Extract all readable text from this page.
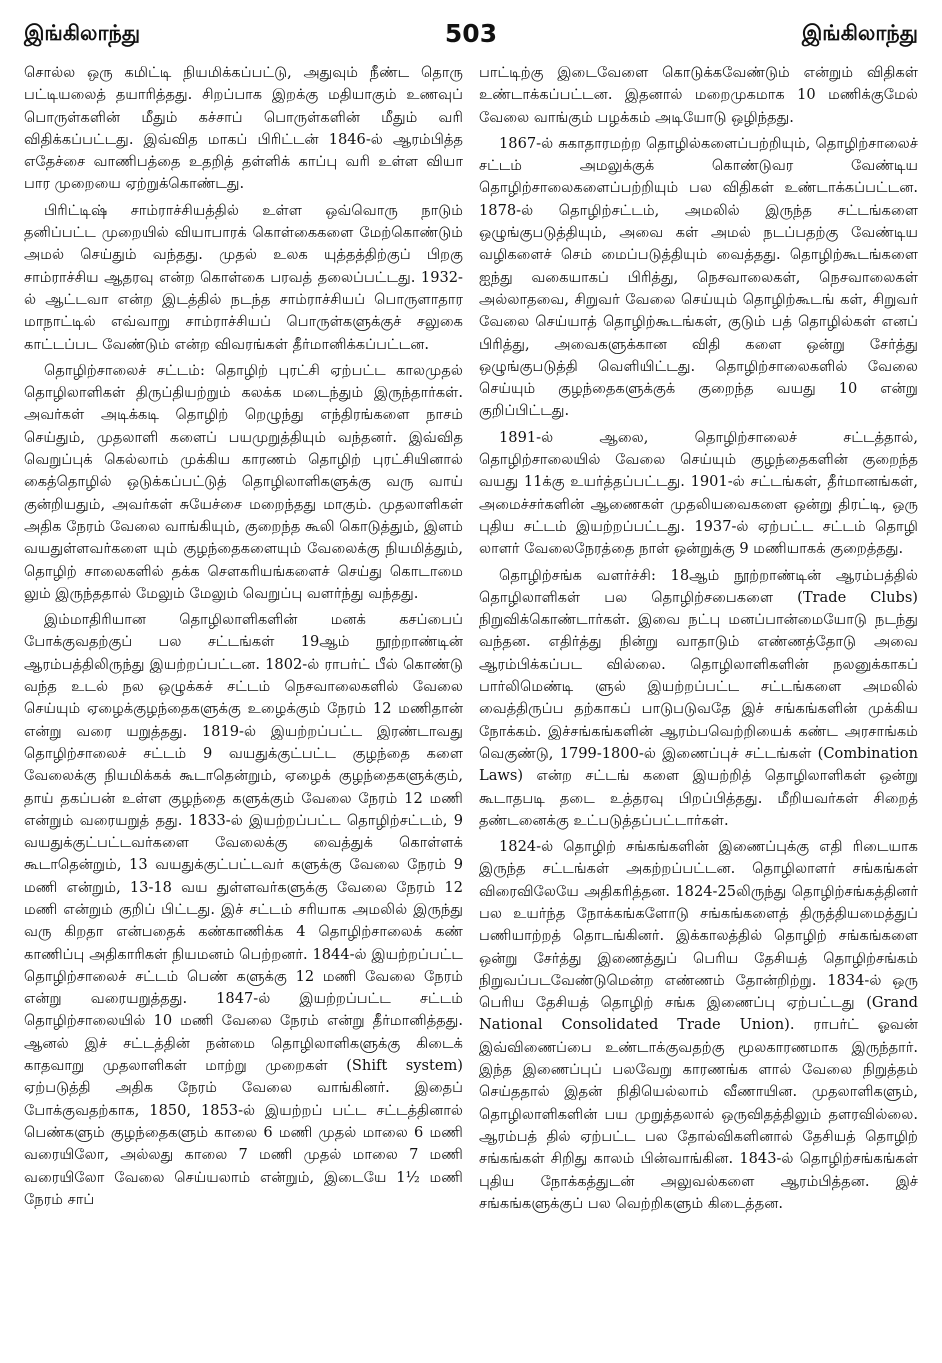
இங்கிலாந்து	503	இங்கிலாந்து

சொல்ல ஒரு கமிட்டி நியமிக்கப்பட்டு, அதுவும் நீண்ட தொரு பட்டியலைத் தயாரித்தது. சிறப்பாக இறக்கு மதியாகும் உணவுப் பொருள்களின் மீதும் கச்சாப் பொருள்களின் மீதும் வரி விதிக்கப்பட்டது. இவ்வித மாகப் பிரிட்டன் 1846-ல் ஆரம்பித்த எதேச்சை வாணிபத்தை உதறித் தள்ளிக் காப்பு வரி உள்ள வியா பார முறையை ஏற்றுக்கொண்டது.

பிரிட்டிஷ் சாம்ராச்சியத்தில் உள்ள ஒவ்வொரு நாடும் தனிப்பட்ட முறையில் வியாபாரக் கொள்கைகளை மேற்கொண்டும் அமல் செய்தும் வந்தது. முதல் உலக யுத்தத்திற்குப் பிறகு சாம்ராச்சிய ஆதரவு என்ற கொள்கை பரவத் தலைப்பட்டது. 1932-ல் ஆட்டவா என்ற இடத்தில் நடந்த சாம்ராச்சியப் பொருளாதார மாநாட்டில் எவ்வாறு சாம்ராச்சியப் பொருள்களுக்குச் சலுகை காட்டப்பட வேண்டும் என்ற விவரங்கள் தீர்மானிக்கப்பட்டன.

தொழிற்சாலைச் சட்டம்: தொழிற் புரட்சி ஏற்பட்ட காலமுதல் தொழிலாளிகள் திருப்தியற்றும் கலக்க மடைந்தும் இருந்தார்கள். அவர்கள் அடிக்கடி தொழிற் றெழுந்து எந்திரங்களை நாசம் செய்தும், முதலாளி களைப் பயமுறுத்தியும் வந்தனர். இவ்வித வெறுப்புக் கெல்லாம் முக்கிய காரணம் தொழிற் புரட்சியினால் கைத்தொழில் ஒடுக்கப்பட்டுத் தொழிலாளிகளுக்கு வரு வாய் குன்றியதும், அவர்கள் சுயேச்சை மறைந்தது மாகும். முதலாளிகள் அதிக நேரம் வேலை வாங்கியும், குறைந்த கூலி கொடுத்தும், இளம் வயதுள்ளவர்களை யும் குழந்தைகளையும் வேலைக்கு நியமித்தும், தொழிற் சாலைகளில் தக்க சௌகரியங்களைச் செய்து கொடாமை லும் இருந்ததால் மேலும் மேலும் வெறுப்பு வளர்ந்து வந்தது.

இம்மாதிரியான தொழிலாளிகளின் மனக் கசப்பைப் போக்குவதற்குப் பல சட்டங்கள் 19ஆம் நூற்றாண்டின் ஆரம்பத்திலிருந்து இயற்றப்பட்டன. 1802-ல் ராபர்ட் பீல் கொண்டு வந்த உடல் நல ஒழுக்கச் சட்டம் நெசவாலைகளில் வேலை செய்யும் ஏழைக்குழந்தைகளுக்கு உழைக்கும் நேரம் 12 மணிதான் என்று வரை யறுத்தது. 1819-ல் இயற்றப்பட்ட இரண்டாவது தொழிற்சாலைச் சட்டம் 9 வயதுக்குட்பட்ட குழந்தை களை வேலைக்கு நியமிக்கக் கூடாதென்றும், ஏழைக் குழந்தைகளுக்கும், தாய் தகப்பன் உள்ள குழந்தை களுக்கும் வேலை நேரம் 12 மணி என்றும் வரையறுத் தது. 1833-ல் இயற்றப்பட்ட தொழிற்சட்டம், 9 வயதுக்குட்பட்டவர்களை வேலைக்கு வைத்துக் கொள்ளக் கூடாதென்றும், 13 வயதுக்குட்பட்டவர் களுக்கு வேலை நேரம் 9 மணி என்றும், 13-18 வய துள்ளவர்களுக்கு வேலை நேரம் 12 மணி என்றும் குறிப் பிட்டது. இச் சட்டம் சரியாக அமலில் இருந்து வரு கிறதா என்பதைக் கண்காணிக்க 4 தொழிற்சாலைக் கண் காணிப்பு அதிகாரிகள் நியமனம் பெற்றனர். 1844-ல் இயற்றப்பட்ட தொழிற்சாலைச் சட்டம் பெண் களுக்கு 12 மணி வேலை நேரம் என்று வரையறுத்தது. 1847-ல் இயற்றப்பட்ட சட்டம் தொழிற்சாலையில் 10 மணி வேலை நேரம் என்று தீர்மானித்தது. ஆனல் இச் சட்டத்தின் நன்மை தொழிலாளிகளுக்கு கிடைக் காதவாறு முதலாளிகள் மாற்று முறைகள் (Shift system) ஏற்படுத்தி அதிக நேரம் வேலை வாங்கினர். இதைப் போக்குவதற்காக, 1850, 1853-ல் இயற்றப் பட்ட சட்டத்தினால் பெண்களும் குழந்தைகளும் காலை 6 மணி முதல் மாலை 6 மணி வரையிலோ, அல்லது காலை 7 மணி முதல் மாலை 7 மணி வரையிலோ வேலை செய்யலாம் என்றும், இடையே 1½ மணி நேரம் சாப்

பாட்டிற்கு இடைவேளை கொடுக்கவேண்டும் என்றும் விதிகள் உண்டாக்கப்பட்டன. இதனால் மறைமுகமாக 10 மணிக்குமேல் வேலை வாங்கும் பழக்கம் அடியோடு ஒழிந்தது.

1867-ல் சுகாதாரமற்ற தொழில்களைப்பற்றியும், தொழிற்சாலைச் சட்டம் அமலுக்குக் கொண்டுவர வேண்டிய தொழிற்சாலைகளைப்பற்றியும் பல விதிகள் உண்டாக்கப்பட்டன. 1878-ல் தொழிற்சட்டம், அமலில் இருந்த சட்டங்களை ஒழுங்குபடுத்தியும், அவை கள் அமல் நடப்பதற்கு வேண்டிய வழிகளைச் செம் மைப்படுத்தியும் வைத்தது. தொழிற்கூடங்களை ஐந்து வகையாகப் பிரித்து, நெசவாலைகள், நெசவாலைகள் அல்லாதவை, சிறுவர் வேலை செய்யும் தொழிற்கூடங் கள், சிறுவர் வேலை செய்யாத் தொழிற்கூடங்கள், குடும் பத் தொழில்கள் எனப் பிரித்து, அவைகளுக்கான விதி களை ஒன்று சேர்த்து ஒழுங்குபடுத்தி வெளியிட்டது. தொழிற்சாலைகளில் வேலை செய்யும் குழந்தைகளுக்குக் குறைந்த வயது 10 என்று குறிப்பிட்டது.

1891-ல் ஆலை, தொழிற்சாலைச் சட்டத்தால், தொழிற்சாலையில் வேலை செய்யும் குழந்தைகளின் குறைந்த வயது 11க்கு உயர்த்தப்பட்டது. 1901-ல் சட்டங்கள், தீர்மானங்கள், அமைச்சர்களின் ஆணைகள் முதலியவைகளை ஒன்று திரட்டி, ஒரு புதிய சட்டம் இயற்றப்பட்டது. 1937-ல் ஏற்பட்ட சட்டம் தொழி லாளர் வேலைநேரத்தை நாள் ஒன்றுக்கு 9 மணியாகக் குறைத்தது.

தொழிற்சங்க வளர்ச்சி: 18ஆம் நூற்றாண்டின் ஆரம்பத்தில் தொழிலாளிகள் பல தொழிற்சபைகளை (Trade Clubs) நிறுவிக்கொண்டார்கள். இவை நட்பு மனப்பான்மையோடு நடந்து வந்தன. எதிர்த்து நின்று வாதாடும் எண்ணத்தோடு அவை ஆரம்பிக்கப்பட வில்லை. தொழிலாளிகளின் நலனுக்காகப் பார்லிமெண்டி ளுல் இயற்றப்பட்ட சட்டங்களை அமலில் வைத்திருப்ப தற்காகப் பாடுபடுவதே இச் சங்கங்களின் முக்கிய நோக்கம். இச்சங்கங்களின் ஆரம்பவெற்றியைக் கண்ட அரசாங்கம் வெகுண்டு, 1799-1800-ல் இணைப்புச் சட்டங்கள் (Combination Laws) என்ற சட்டங் களை இயற்றித் தொழிலாளிகள் ஒன்று கூடாதபடி தடை உத்தரவு பிறப்பித்தது. மீறியவர்கள் சிறைத் தண்டனைக்கு உட்படுத்தப்பட்டார்கள்.

1824-ல் தொழிற் சங்கங்களின் இணைப்புக்கு எதி ரிடையாக இருந்த சட்டங்கள் அகற்றப்பட்டன. தொழிலாளர் சங்கங்கள் விரைவிலேயே அதிகரித்தன. 1824-25லிருந்து தொழிற்சங்கத்தினர் பல உயர்ந்த நோக்கங்களோடு சங்கங்களைத் திருத்தியமைத்துப் பணியாற்றத் தொடங்கினர். இக்காலத்தில் தொழிற் சங்கங்களை ஒன்று சேர்த்து இணைத்துப் பெரிய தேசியத் தொழிற்சங்கம் நிறுவப்படவேண்டுமென்ற எண்ணம் தோன்றிற்று. 1834-ல் ஒரு பெரிய தேசியத் தொழிற் சங்க இணைப்பு ஏற்பட்டது (Grand National Consolidated Trade Union). ராபர்ட் ஓவன் இவ்விணைப்பை உண்டாக்குவதற்கு மூலகாரணமாக இருந்தார். இந்த இணைப்புப் பலவேறு காரணங்க ளால் வேலை நிறுத்தம் செய்ததால் இதன் நிதியெல்லாம் வீணாயின. முதலாளிகளும், தொழிலாளிகளின் பய முறுத்தலால் ஒருவிதத்திலும் தளரவில்லை. ஆரம்பத் தில் ஏற்பட்ட பல தோல்விகளினால் தேசியத் தொழிற் சங்கங்கள் சிறிது காலம் பின்வாங்கின. 1843-ல் தொழிற்சங்கங்கள் புதிய நோக்கத்துடன் அலுவல்களை ஆரம்பித்தன. இச் சங்கங்களுக்குப் பல வெற்றிகளும் கிடைத்தன.
